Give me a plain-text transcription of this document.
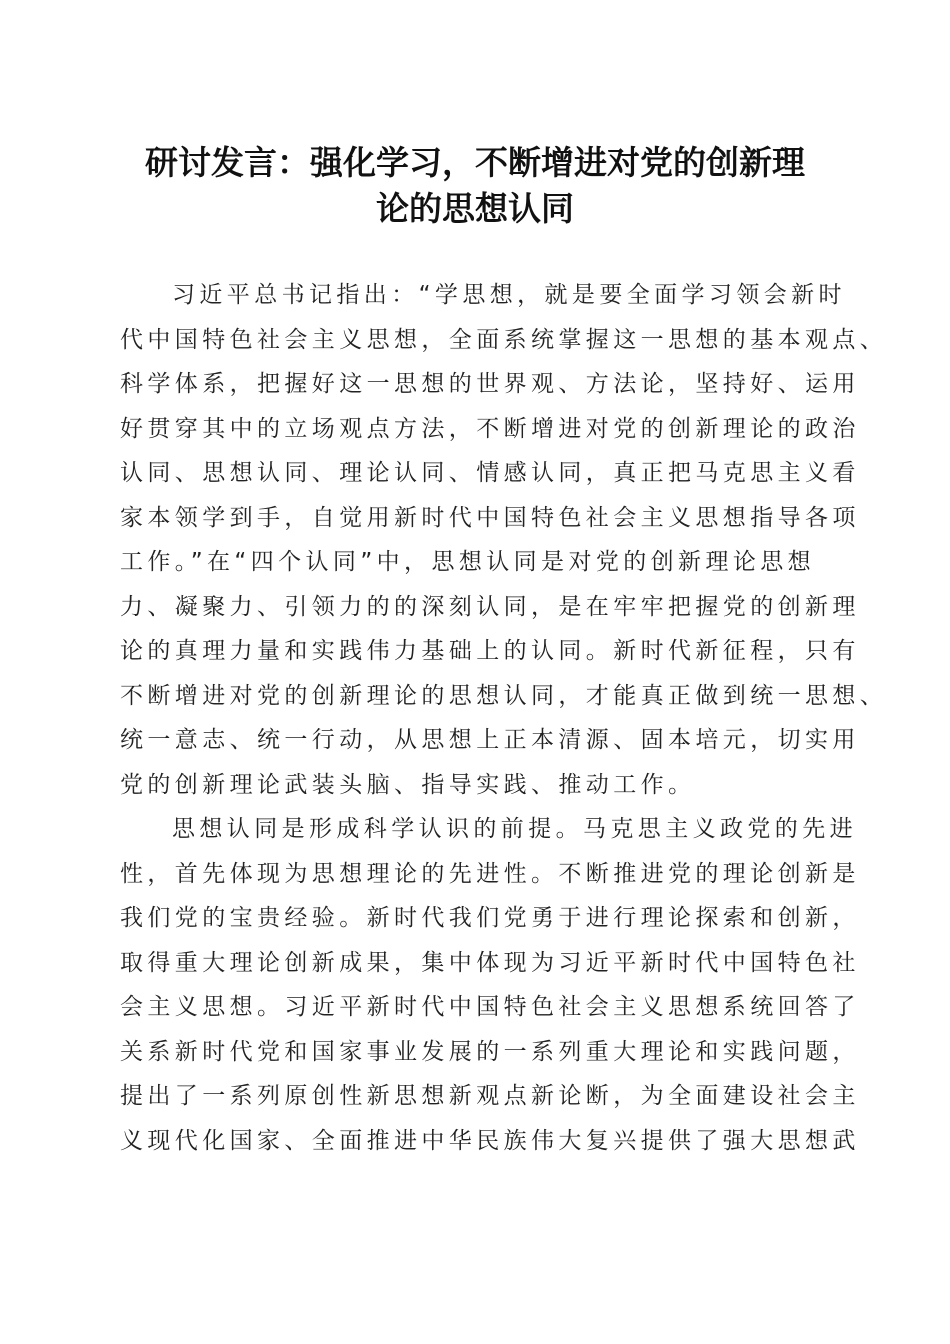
研讨发言：强化学习，不断增进对党的创新理
论的思想认同
习近平总书记指出：“学思想，就是要全面学习领会新时
代中国特色社会主义思想，全面系统掌握这一思想的基本观点、
科学体系，把握好这一思想的世界观、方法论，坚持好、运用
好贯穿其中的立场观点方法，不断增进对党的创新理论的政治
认同、思想认同、理论认同、情感认同，真正把马克思主义看
家本领学到手，自觉用新时代中国特色社会主义思想指导各项
工作。”在“四个认同”中，思想认同是对党的创新理论思想
力、凝聚力、引领力的的深刻认同，是在牢牢把握党的创新理
论的真理力量和实践伟力基础上的认同。新时代新征程，只有
不断增进对党的创新理论的思想认同，才能真正做到统一思想、
统一意志、统一行动，从思想上正本清源、固本培元，切实用
党的创新理论武装头脑、指导实践、推动工作。
思想认同是形成科学认识的前提。马克思主义政党的先进
性，首先体现为思想理论的先进性。不断推进党的理论创新是
我们党的宝贵经验。新时代我们党勇于进行理论探索和创新，
取得重大理论创新成果，集中体现为习近平新时代中国特色社
会主义思想。习近平新时代中国特色社会主义思想系统回答了
关系新时代党和国家事业发展的一系列重大理论和实践问题，
提出了一系列原创性新思想新观点新论断，为全面建设社会主
义现代化国家、全面推进中华民族伟大复兴提供了强大思想武
